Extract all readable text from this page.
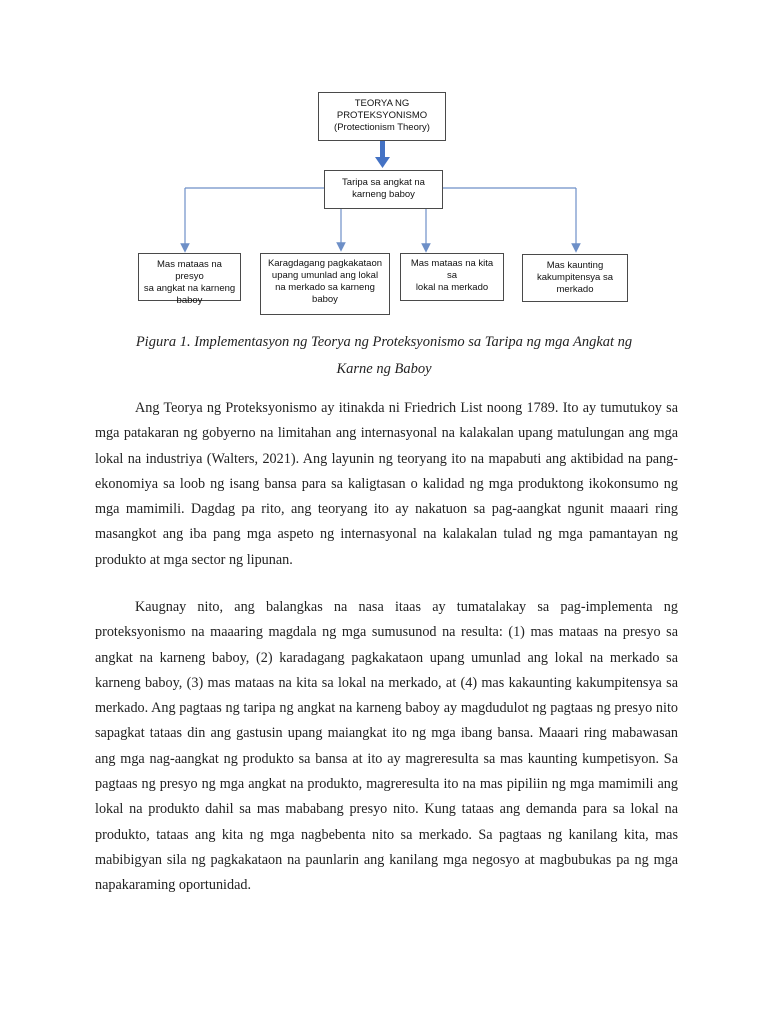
TEORYA NG
PROTEKSYONISMO
(Protectionism Theory)
Taripa sa angkat na
karneng baboy
Mas mataas na presyo
sa angkat na karneng
baboy
Karagdagang pagkakataon
upang umunlad ang lokal
na merkado sa karneng
baboy
Mas mataas na kita sa
lokal na merkado
Mas kaunting
kakumpitensya sa
merkado
Pigura 1. Implementasyon ng Teorya ng Proteksyonismo sa Taripa ng mga Angkat ng
Karne ng Baboy

Ang Teorya ng Proteksyonismo ay itinakda ni Friedrich List noong 1789. Ito ay tumutukoy sa mga patakaran ng gobyerno na limitahan ang internasyonal na kalakalan upang matulungan ang mga lokal na industriya (Walters, 2021). Ang layunin ng teoryang ito na mapabuti ang aktibidad na pang-ekonomiya sa loob ng isang bansa para sa kaligtasan o kalidad ng mga produktong ikokonsumo ng mga mamimili. Dagdag pa rito, ang teoryang ito ay nakatuon sa pag-aangkat ngunit maaari ring masangkot ang iba pang mga aspeto ng internasyonal na kalakalan tulad ng mga pamantayan ng produkto at mga sector ng lipunan.

Kaugnay nito, ang balangkas na nasa itaas ay tumatalakay sa pag-implementa ng proteksyonismo na maaaring magdala ng mga sumusunod na resulta: (1) mas mataas na presyo sa angkat na karneng baboy, (2) karadagang pagkakataon upang umunlad ang lokal na merkado sa karneng baboy, (3) mas mataas na kita sa lokal na merkado, at (4) mas kakaunting kakumpitensya sa merkado. Ang pagtaas ng taripa ng angkat na karneng baboy ay magdudulot ng pagtaas ng presyo nito sapagkat tataas din ang gastusin upang maiangkat ito ng mga ibang bansa. Maaari ring mabawasan ang mga nag-aangkat ng produkto sa bansa at ito ay magreresulta sa mas kaunting kumpetisyon. Sa pagtaas ng presyo ng mga angkat na produkto, magreresulta ito na mas pipiliin ng mga mamimili ang lokal na produkto dahil sa mas mababang presyo nito. Kung tataas ang demanda para sa lokal na produkto, tataas ang kita ng mga nagbebenta nito sa merkado. Sa pagtaas ng kanilang kita, mas mabibigyan sila ng pagkakataon na paunlarin ang kanilang mga negosyo at magbubukas pa ng mga napakaraming oportunidad.
